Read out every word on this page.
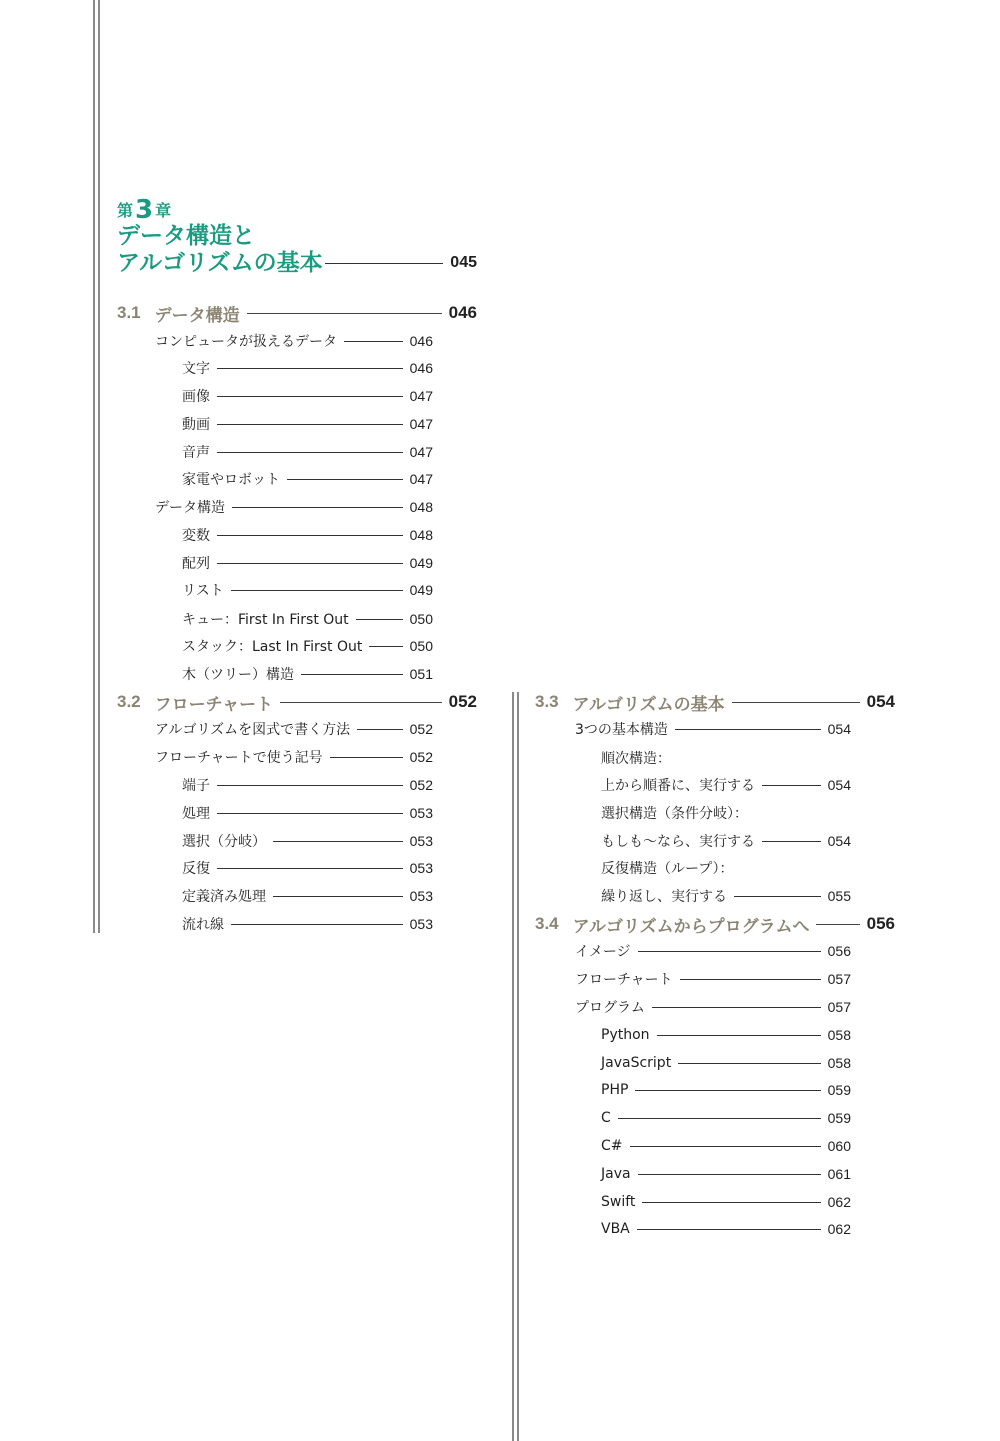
第3 章
データ構造と
アルゴリズムの基本	045
3.1 データ構造	046
コンピュータが扱えるデータ	046
文字	046
画像	047
動画	047
音声	047
家電やロボット	047
データ構造	048
変数	048
配列	049
リスト	049
キュー：First In First Out	050
スタック：Last In First Out	050
木（ツリー）構造	051
3.2 フローチャート	052
アルゴリズムを図式で書く方法	052
フローチャートで使う記号	052
端子	052
処理	053
選択（分岐）	053
反復	053
定義済み処理	053
流れ線	053
3.3 アルゴリズムの基本	054
3つの基本構造	054
順次構造：
上から順番に、実行する	054
選択構造（条件分岐）：
もしも〜なら、実行する	054
反復構造（ループ）：
繰り返し、実行する	055
3.4 アルゴリズムからプログラムへ	056
イメージ	056
フローチャート	057
プログラム	057
Python	058
JavaScript	058
PHP	059
C	059
C#	060
Java	061
Swift	062
VBA	062
